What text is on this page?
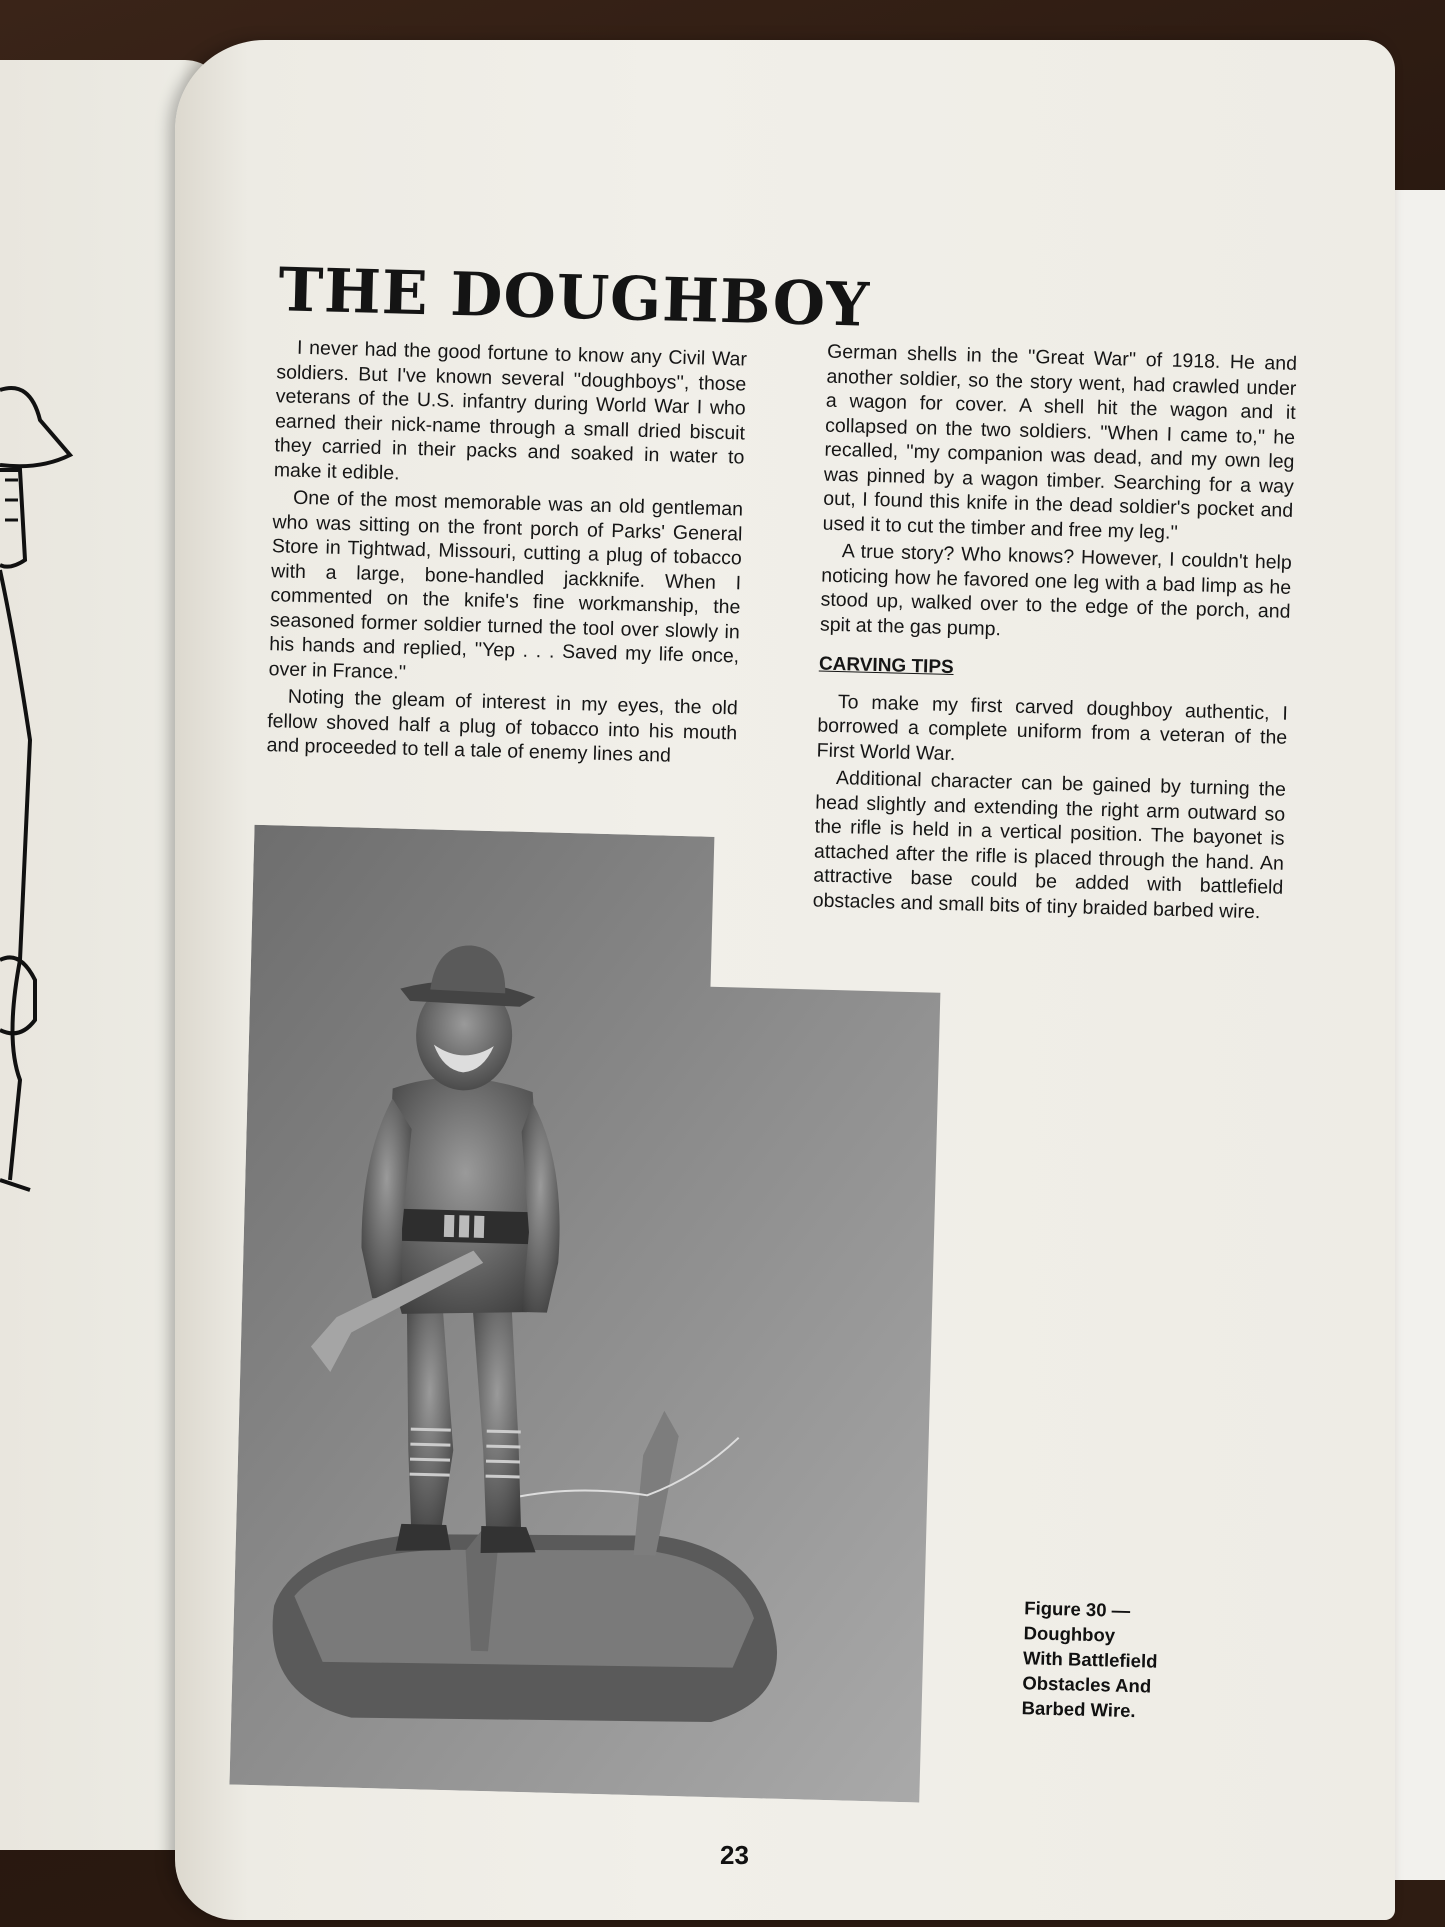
THE DOUGHBOY

I never had the good fortune to know any Civil War soldiers. But I've known several ''doughboys'', those veterans of the U.S. infantry during World War I who earned their nick-name through a small dried biscuit they carried in their packs and soaked in water to make it edible.

One of the most memorable was an old gentleman who was sitting on the front porch of Parks' General Store in Tightwad, Missouri, cutting a plug of tobacco with a large, bone-handled jackknife. When I commented on the knife's fine workmanship, the seasoned former soldier turned the tool over slowly in his hands and replied, ''Yep . . . Saved my life once, over in France.''

Noting the gleam of interest in my eyes, the old fellow shoved half a plug of tobacco into his mouth and proceeded to tell a tale of enemy lines and

German shells in the ''Great War'' of 1918. He and another soldier, so the story went, had crawled under a wagon for cover. A shell hit the wagon and it collapsed on the two soldiers. ''When I came to,'' he recalled, ''my companion was dead, and my own leg was pinned by a wagon timber. Searching for a way out, I found this knife in the dead soldier's pocket and used it to cut the timber and free my leg.''

A true story? Who knows? However, I couldn't help noticing how he favored one leg with a bad limp as he stood up, walked over to the edge of the porch, and spit at the gas pump.

CARVING TIPS

To make my first carved doughboy authentic, I borrowed a complete uniform from a veteran of the First World War.

Additional character can be gained by turning the head slightly and extending the right arm outward so the rifle is held in a vertical position. The bayonet is attached after the rifle is placed through the hand. An attractive base could be added with battlefield obstacles and small bits of tiny braided barbed wire.

Figure 30 — Doughboy
With Battlefield
Obstacles And
Barbed Wire.
23
